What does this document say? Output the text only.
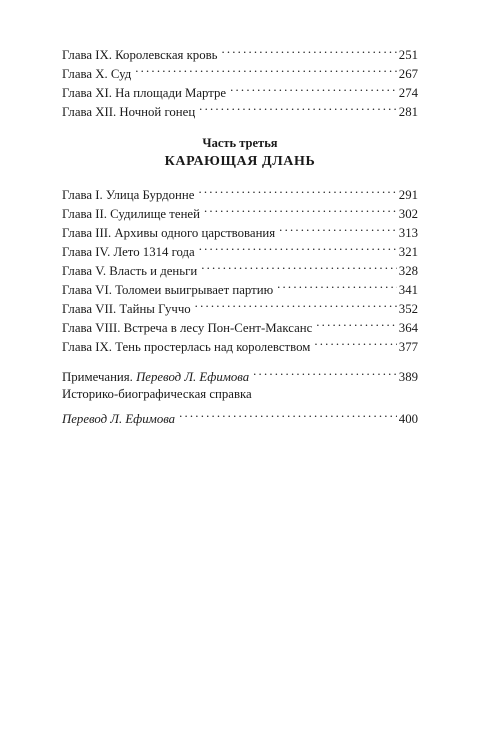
Глава IX. Королевская кровь . . .	251
Глава X. Суд . . .	267
Глава XI. На площади Мартре . . .	274
Глава XII. Ночной гонец . . .	281
Часть третья
КАРАЮЩАЯ ДЛАНЬ
Глава I. Улица Бурдонне . . .	291
Глава II. Судилище теней . . .	302
Глава III. Архивы одного царствования . . .	313
Глава IV. Лето 1314 года . . .	321
Глава V. Власть и деньги . . .	328
Глава VI. Толомеи выигрывает партию . . .	341
Глава VII. Тайны Гуччо . . .	352
Глава VIII. Встреча в лесу Пон-Сент-Максанс . . .	364
Глава IX. Тень простерлась над королевством . . .	377
Примечания. Перевод Л. Ефимова . . .	389
Историко-биографическая справка
Перевод Л. Ефимова . . .	400
